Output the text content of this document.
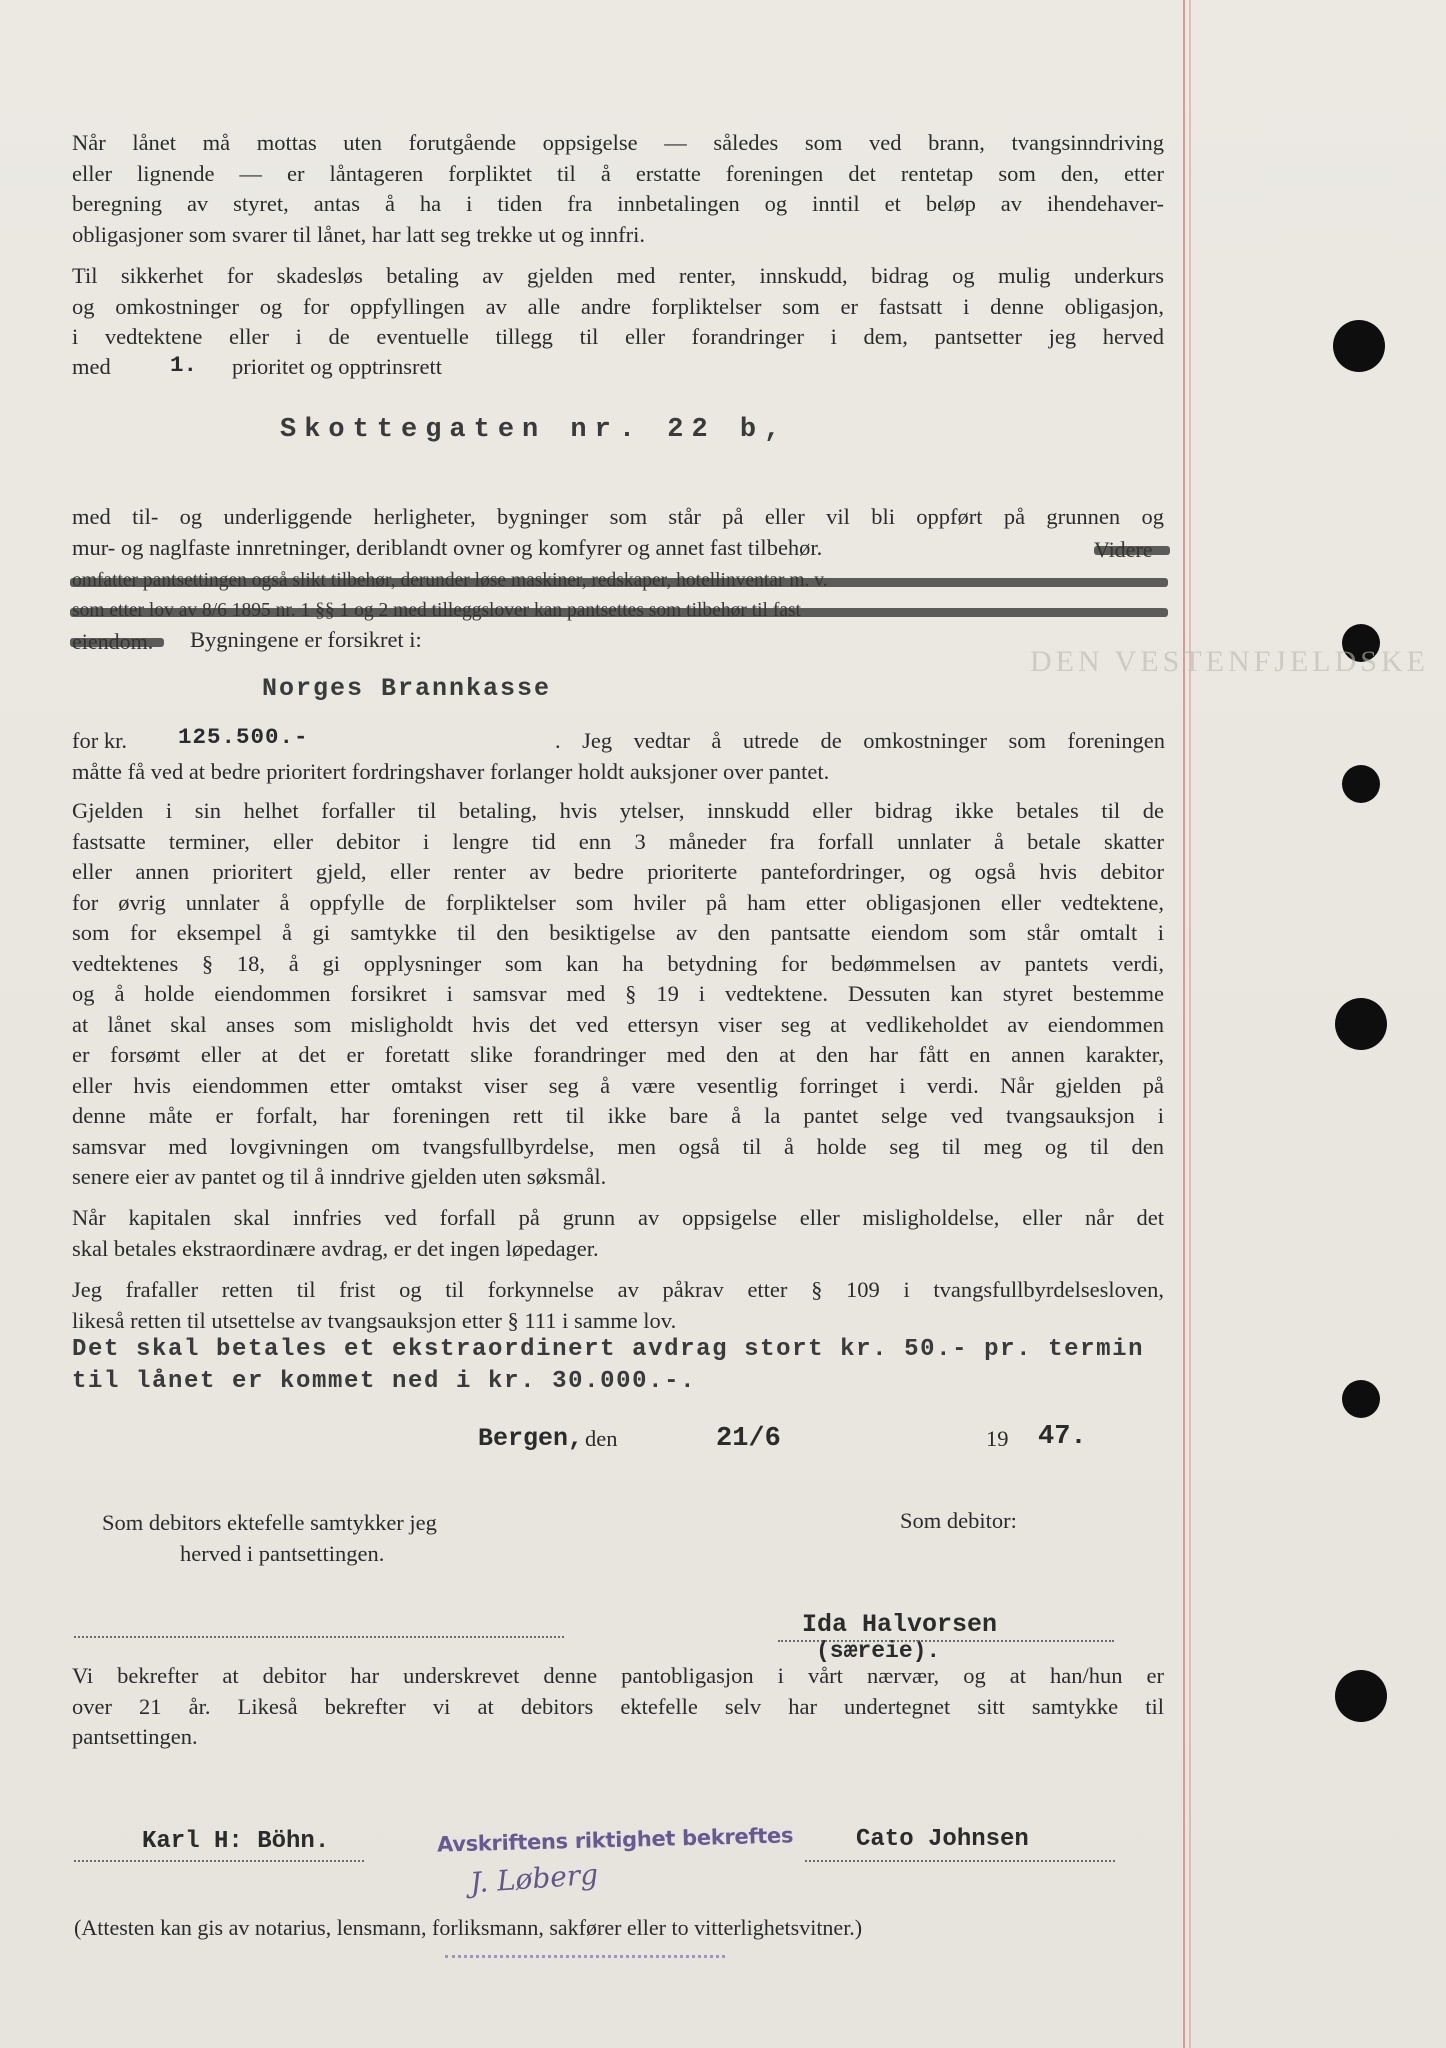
DEN VESTENFJELDSKE
Når lånet må mottas uten forutgående oppsigelse — således som ved brann, tvangsinndriving
eller lignende — er låntageren forpliktet til å erstatte foreningen det rentetap som den, etter
beregning av styret, antas å ha i tiden fra innbetalingen og inntil et beløp av ihendehaver-
obligasjoner som svarer til lånet, har latt seg trekke ut og innfri.
Til sikkerhet for skadesløs betaling av gjelden med renter, innskudd, bidrag og mulig underkurs
og omkostninger og for oppfyllingen av alle andre forpliktelser som er fastsatt i denne obligasjon,
i vedtektene eller i de eventuelle tillegg til eller forandringer i dem, pantsetter jeg herved
med	1. prioritet og opptrinsrett
Skottegaten nr. 22 b,
med til- og underliggende herligheter, bygninger som står på eller vil bli oppført på grunnen og
mur- og naglfaste innretninger, deriblandt ovner og komfyrer og annet fast tilbehør.
Bygningene er forsikret i:
Norges Brannkasse
for kr. 125.500.-	. Jeg vedtar å utrede de omkostninger som foreningen
måtte få ved at bedre prioritert fordringshaver forlanger holdt auksjoner over pantet.
Gjelden i sin helhet forfaller til betaling, hvis ytelser, innskudd eller bidrag ikke betales til de
fastsatte terminer, eller debitor i lengre tid enn 3 måneder fra forfall unnlater å betale skatter
eller annen prioritert gjeld, eller renter av bedre prioriterte pantefordringer, og også hvis debitor
for øvrig unnlater å oppfylle de forpliktelser som hviler på ham etter obligasjonen eller vedtektene,
som for eksempel å gi samtykke til den besiktigelse av den pantsatte eiendom som står omtalt i
vedtektenes § 18, å gi opplysninger som kan ha betydning for bedømmelsen av pantets verdi,
og å holde eiendommen forsikret i samsvar med § 19 i vedtektene. Dessuten kan styret bestemme
at lånet skal anses som misligholdt hvis det ved ettersyn viser seg at vedlikeholdet av eiendommen
er forsømt eller at det er foretatt slike forandringer med den at den har fått en annen karakter,
eller hvis eiendommen etter omtakst viser seg å være vesentlig forringet i verdi. Når gjelden på
denne måte er forfalt, har foreningen rett til ikke bare å la pantet selge ved tvangsauksjon i
samsvar med lovgivningen om tvangsfullbyrdelse, men også til å holde seg til meg og til den
senere eier av pantet og til å inndrive gjelden uten søksmål.
Når kapitalen skal innfries ved forfall på grunn av oppsigelse eller misligholdelse, eller når det
skal betales ekstraordinære avdrag, er det ingen løpedager.
Jeg frafaller retten til frist og til forkynnelse av påkrav etter § 109 i tvangsfullbyrdelsesloven,
likeså retten til utsettelse av tvangsauksjon etter § 111 i samme lov.
Det skal betales et ekstraordinert avdrag stort kr. 50.- pr. termin
til lånet er kommet ned i kr. 30.000.-.
Bergen, den	21/6	19 47.
Som debitors ektefelle samtykker jeg
herved i pantsettingen.
Som debitor:
Ida Halvorsen
(særeie).
Vi bekrefter at debitor har underskrevet denne pantobligasjon i vårt nærvær, og at han/hun er
over 21 år. Likeså bekrefter vi at debitors ektefelle selv har undertegnet sitt samtykke til
pantsettingen.
Karl H: Böhn.	Cato Johnsen
Avskriftens riktighet bekreftes
J. Løberg
(Attesten kan gis av notarius, lensmann, forliksmann, sakfører eller to vitterlighetsvitner.)
